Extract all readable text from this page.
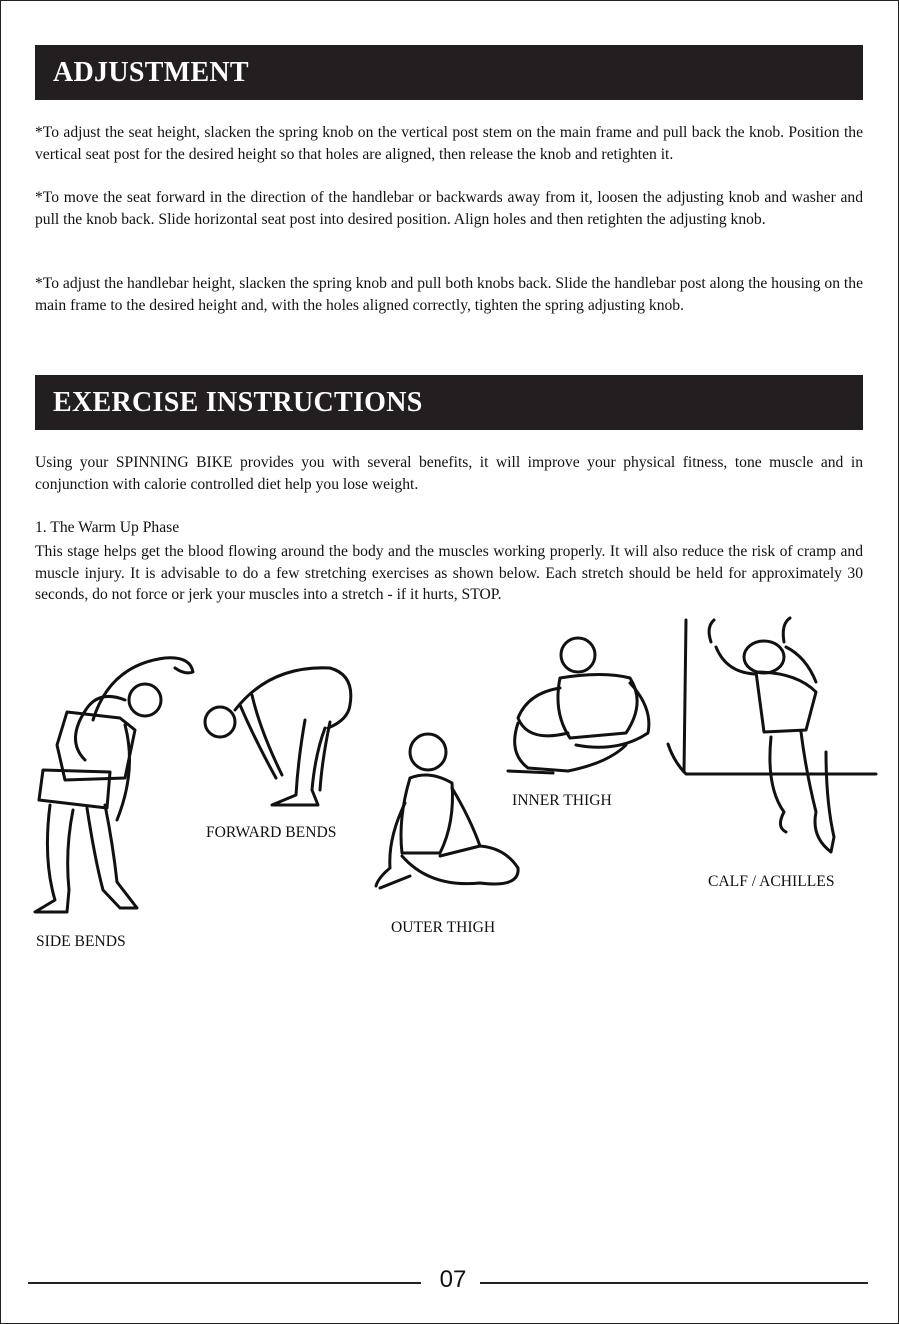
ADJUSTMENT

*To adjust the seat height, slacken the spring knob on the vertical post stem on the main frame and pull back the knob. Position the vertical seat post for the desired height so that holes are aligned, then release the knob and retighten it.

*To move the seat forward in the direction of the handlebar or backwards away from it, loosen the adjusting knob and washer and pull the knob back. Slide horizontal seat post into desired position. Align holes and then retighten the adjusting knob.

*To adjust the handlebar height, slacken the spring knob and pull both knobs back. Slide the handlebar post along the housing on the main frame to the desired height and, with the holes aligned correctly, tighten the spring adjusting knob.

EXERCISE INSTRUCTIONS

Using your SPINNING BIKE provides you with several benefits, it will improve your physical fitness, tone muscle and in conjunction with calorie controlled diet help you lose weight.

1. The Warm Up Phase

This stage helps get the blood flowing around the body and the muscles working properly. It will also reduce the risk of cramp and muscle injury. It is advisable to do a few stretching exercises as shown below. Each stretch should be held for approximately 30 seconds, do not force or jerk your muscles into a stretch - if it hurts, STOP.

SIDE BENDS
FORWARD BENDS
OUTER THIGH
INNER THIGH
CALF / ACHILLES
07
